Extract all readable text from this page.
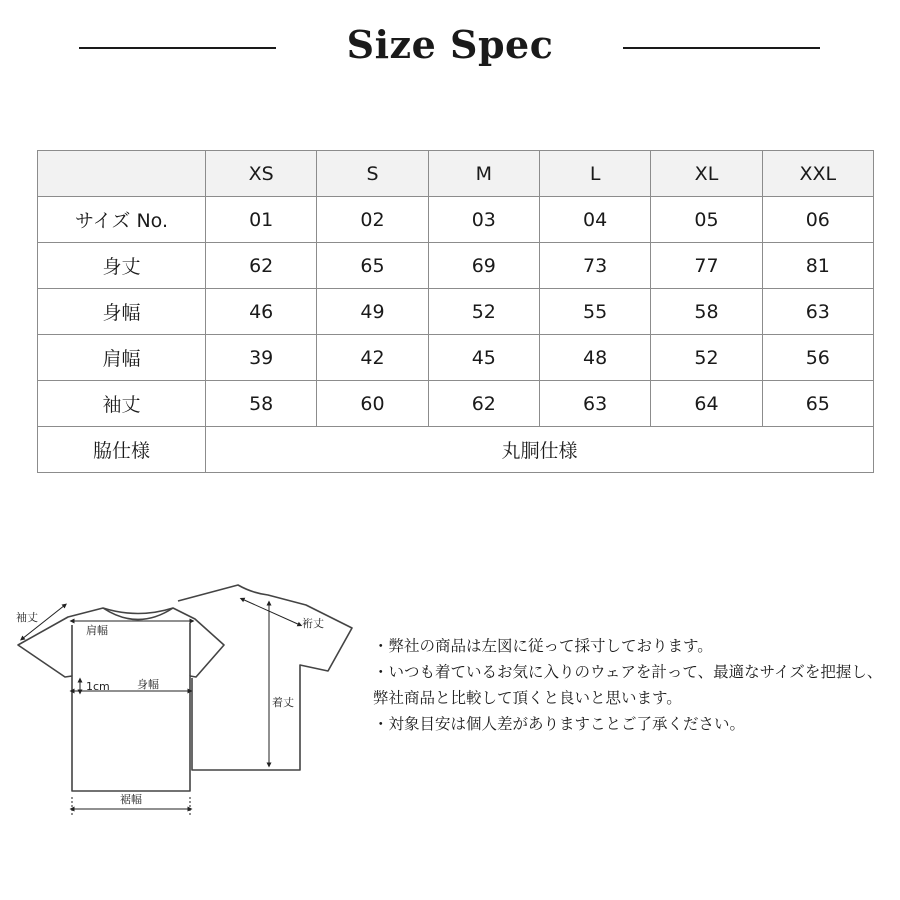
Size Spec
	XS	S	M	L	XL	XXL
サイズ No.	01	02	03	04	05	06
身丈	62	65	69	73	77	81
身幅	46	49	52	55	58	63
肩幅	39	42	45	48	52	56
袖丈	58	60	62	63	64	65
脇仕様	丸胴仕様					
袖丈
肩幅
1cm 身幅
裾幅
裄丈
着丈

・弊社の商品は左図に従って採寸しております。

・いつも着ているお気に入りのウェアを計って、最適なサイズを把握し、弊社商品と比較して頂くと良いと思います。

・対象目安は個人差がありますことご了承ください。
